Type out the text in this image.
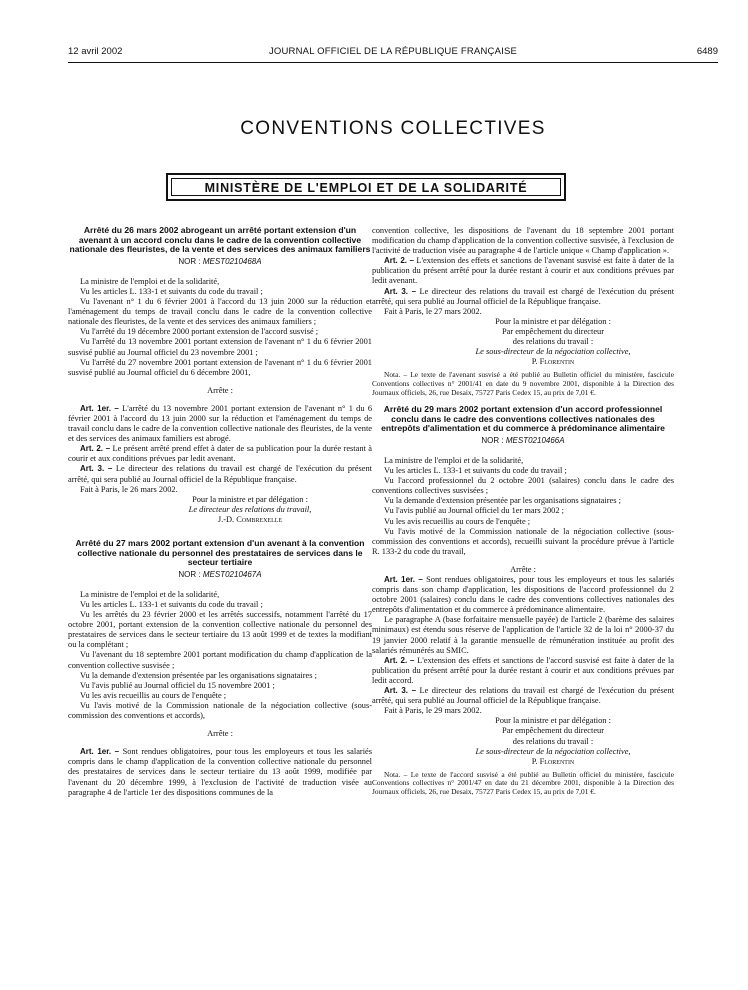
12 avril 2002	JOURNAL OFFICIEL DE LA RÉPUBLIQUE FRANÇAISE	6489
CONVENTIONS COLLECTIVES
MINISTÈRE DE L'EMPLOI ET DE LA SOLIDARITÉ

Arrêté du 26 mars 2002 abrogeant un arrêté portant extension d'un avenant à un accord conclu dans le cadre de la convention collective nationale des fleuristes, de la vente et des services des animaux familiers

NOR : MEST0210468A

La ministre de l'emploi et de la solidarité,

Vu les articles L. 133-1 et suivants du code du travail ;

Vu l'avenant n° 1 du 6 février 2001 à l'accord du 13 juin 2000 sur la réduction et l'aménagement du temps de travail conclu dans le cadre de la convention collective nationale des fleuristes, de la vente et des services des animaux familiers ;

Vu l'arrêté du 19 décembre 2000 portant extension de l'accord susvisé ;

Vu l'arrêté du 13 novembre 2001 portant extension de l'avenant n° 1 du 6 février 2001 susvisé publié au Journal officiel du 23 novembre 2001 ;

Vu l'arrêté du 27 novembre 2001 portant extension de l'avenant n° 1 du 6 février 2001 susvisé publié au Journal officiel du 6 décembre 2001,

Arrête :

Art. 1er. – L'arrêté du 13 novembre 2001 portant extension de l'avenant n° 1 du 6 février 2001 à l'accord du 13 juin 2000 sur la réduction et l'aménagement du temps de travail conclu dans le cadre de la convention collective nationale des fleuristes, de la vente et des services des animaux familiers est abrogé.

Art. 2. – Le présent arrêté prend effet à dater de sa publication pour la durée restant à courir et aux conditions prévues par ledit avenant.

Art. 3. – Le directeur des relations du travail est chargé de l'exécution du présent arrêté, qui sera publié au Journal officiel de la République française.

Fait à Paris, le 26 mars 2002.

Pour la ministre et par délégation :

Le directeur des relations du travail,

J.-D. Combrexelle

Arrêté du 27 mars 2002 portant extension d'un avenant à la convention collective nationale du personnel des prestataires de services dans le secteur tertiaire

NOR : MEST0210467A

La ministre de l'emploi et de la solidarité,

Vu les articles L. 133-1 et suivants du code du travail ;

Vu les arrêtés du 23 février 2000 et les arrêtés successifs, notamment l'arrêté du 17 octobre 2001, portant extension de la convention collective nationale du personnel des prestataires de services dans le secteur tertiaire du 13 août 1999 et de textes la modifiant ou la complétant ;

Vu l'avenant du 18 septembre 2001 portant modification du champ d'application de la convention collective susvisée ;

Vu la demande d'extension présentée par les organisations signataires ;

Vu l'avis publié au Journal officiel du 15 novembre 2001 ;

Vu les avis recueillis au cours de l'enquête ;

Vu l'avis motivé de la Commission nationale de la négociation collective (sous-commission des conventions et accords),

Arrête :

Art. 1er. – Sont rendues obligatoires, pour tous les employeurs et tous les salariés compris dans le champ d'application de la convention collective nationale du personnel des prestataires de services dans le secteur tertiaire du 13 août 1999, modifiée par l'avenant du 20 décembre 1999, à l'exclusion de l'activité de traduction visée au paragraphe 4 de l'article 1er des dispositions communes de la

convention collective, les dispositions de l'avenant du 18 septembre 2001 portant modification du champ d'application de la convention collective susvisée, à l'exclusion de l'activité de traduction visée au paragraphe 4 de l'article unique « Champ d'application ».

Art. 2. – L'extension des effets et sanctions de l'avenant susvisé est faite à dater de la publication du présent arrêté pour la durée restant à courir et aux conditions prévues par ledit avenant.

Art. 3. – Le directeur des relations du travail est chargé de l'exécution du présent arrêté, qui sera publié au Journal officiel de la République française.

Fait à Paris, le 27 mars 2002.

Pour la ministre et par délégation :

Par empêchement du directeur

des relations du travail :

Le sous-directeur de la négociation collective,

P. Florentin

Nota. – Le texte de l'avenant susvisé a été publié au Bulletin officiel du ministère, fascicule Conventions collectives n° 2001/41 en date du 9 novembre 2001, disponible à la Direction des Journaux officiels, 26, rue Desaix, 75727 Paris Cedex 15, au prix de 7,01 €.

Arrêté du 29 mars 2002 portant extension d'un accord professionnel conclu dans le cadre des conventions collectives nationales des entrepôts d'alimentation et du commerce à prédominance alimentaire

NOR : MEST0210466A

La ministre de l'emploi et de la solidarité,

Vu les articles L. 133-1 et suivants du code du travail ;

Vu l'accord professionnel du 2 octobre 2001 (salaires) conclu dans le cadre des conventions collectives susvisées ;

Vu la demande d'extension présentée par les organisations signataires ;

Vu l'avis publié au Journal officiel du 1er mars 2002 ;

Vu les avis recueillis au cours de l'enquête ;

Vu l'avis motivé de la Commission nationale de la négociation collective (sous-commission des conventions et accords), recueilli suivant la procédure prévue à l'article R. 133-2 du code du travail,

Arrête :

Art. 1er. – Sont rendues obligatoires, pour tous les employeurs et tous les salariés compris dans son champ d'application, les dispositions de l'accord professionnel du 2 octobre 2001 (salaires) conclu dans le cadre des conventions collectives nationales des entrepôts d'alimentation et du commerce à prédominance alimentaire.

Le paragraphe A (base forfaitaire mensuelle payée) de l'article 2 (barème des salaires minimaux) est étendu sous réserve de l'application de l'article 32 de la loi n° 2000-37 du 19 janvier 2000 relatif à la garantie mensuelle de rémunération instituée au profit des salariés rémunérés au SMIC.

Art. 2. – L'extension des effets et sanctions de l'accord susvisé est faite à dater de la publication du présent arrêté pour la durée restant à courir et aux conditions prévues par ledit accord.

Art. 3. – Le directeur des relations du travail est chargé de l'exécution du présent arrêté, qui sera publié au Journal officiel de la République française.

Fait à Paris, le 29 mars 2002.

Pour la ministre et par délégation :

Par empêchement du directeur

des relations du travail :

Le sous-directeur de la négociation collective,

P. Florentin

Nota. – Le texte de l'accord susvisé a été publié au Bulletin officiel du ministère, fascicule Conventions collectives n° 2001/47 en date du 21 décembre 2001, disponible à la Direction des Journaux officiels, 26, rue Desaix, 75727 Paris Cedex 15, au prix de 7,01 €.
